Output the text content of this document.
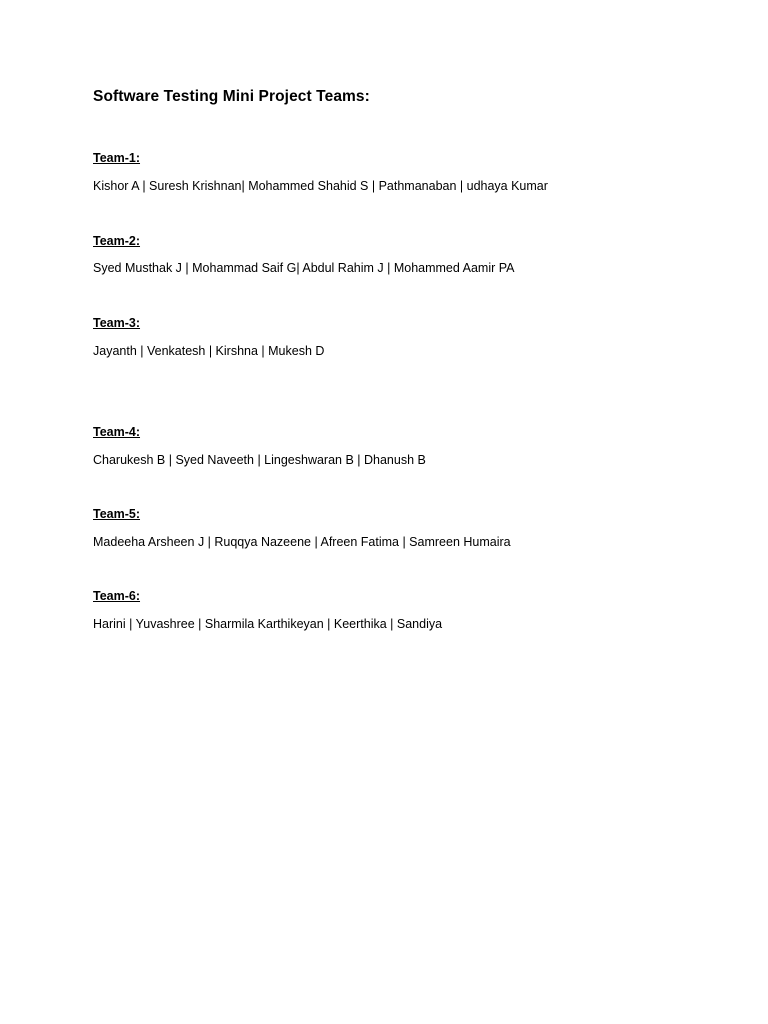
Software Testing Mini Project Teams:
Team-1:
Kishor A | Suresh Krishnan| Mohammed Shahid S | Pathmanaban | udhaya Kumar
Team-2:
Syed Musthak J | Mohammad Saif G| Abdul Rahim J | Mohammed Aamir PA
Team-3:
Jayanth | Venkatesh | Kirshna | Mukesh D
Team-4:
Charukesh B | Syed Naveeth | Lingeshwaran B | Dhanush B
Team-5:
Madeeha Arsheen J | Ruqqya Nazeene | Afreen Fatima | Samreen Humaira
Team-6:
Harini | Yuvashree | Sharmila Karthikeyan | Keerthika | Sandiya
